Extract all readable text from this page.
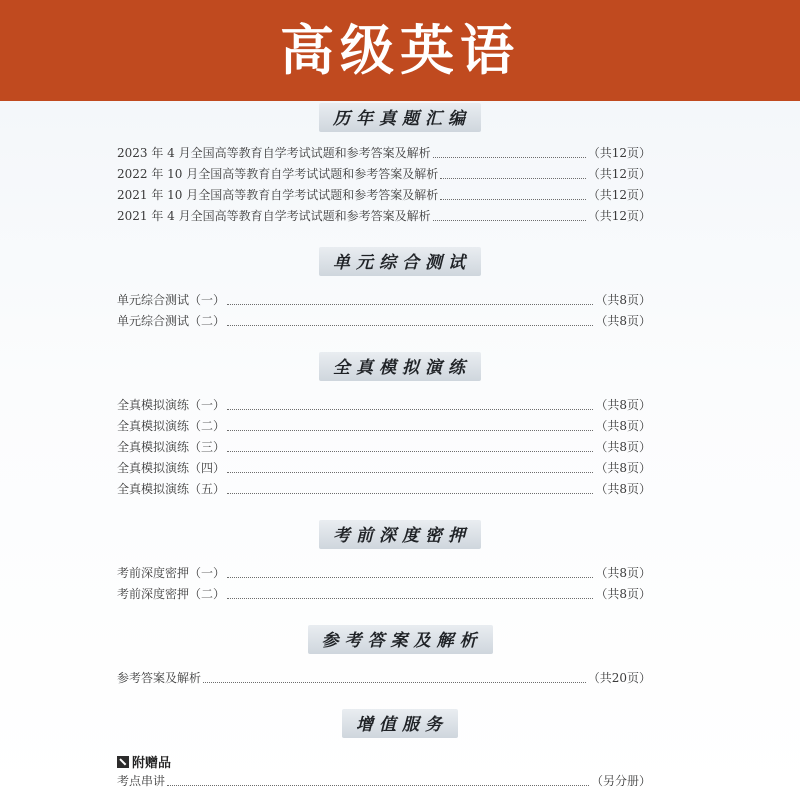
高级英语
历年真题汇编
2023 年 4 月全国高等教育自学考试试题和参考答案及解析	（共12页）
2022 年 10 月全国高等教育自学考试试题和参考答案及解析	（共12页）
2021 年 10 月全国高等教育自学考试试题和参考答案及解析	（共12页）
2021 年 4 月全国高等教育自学考试试题和参考答案及解析	（共12页）
单元综合测试
单元综合测试（一）	（共8页）
单元综合测试（二）	（共8页）
全真模拟演练
全真模拟演练（一）	（共8页）
全真模拟演练（二）	（共8页）
全真模拟演练（三）	（共8页）
全真模拟演练（四）	（共8页）
全真模拟演练（五）	（共8页）
考前深度密押
考前深度密押（一）	（共8页）
考前深度密押（二）	（共8页）
参考答案及解析
参考答案及解析	（共20页）
增值服务
附赠品
考点串讲	（另分册）
